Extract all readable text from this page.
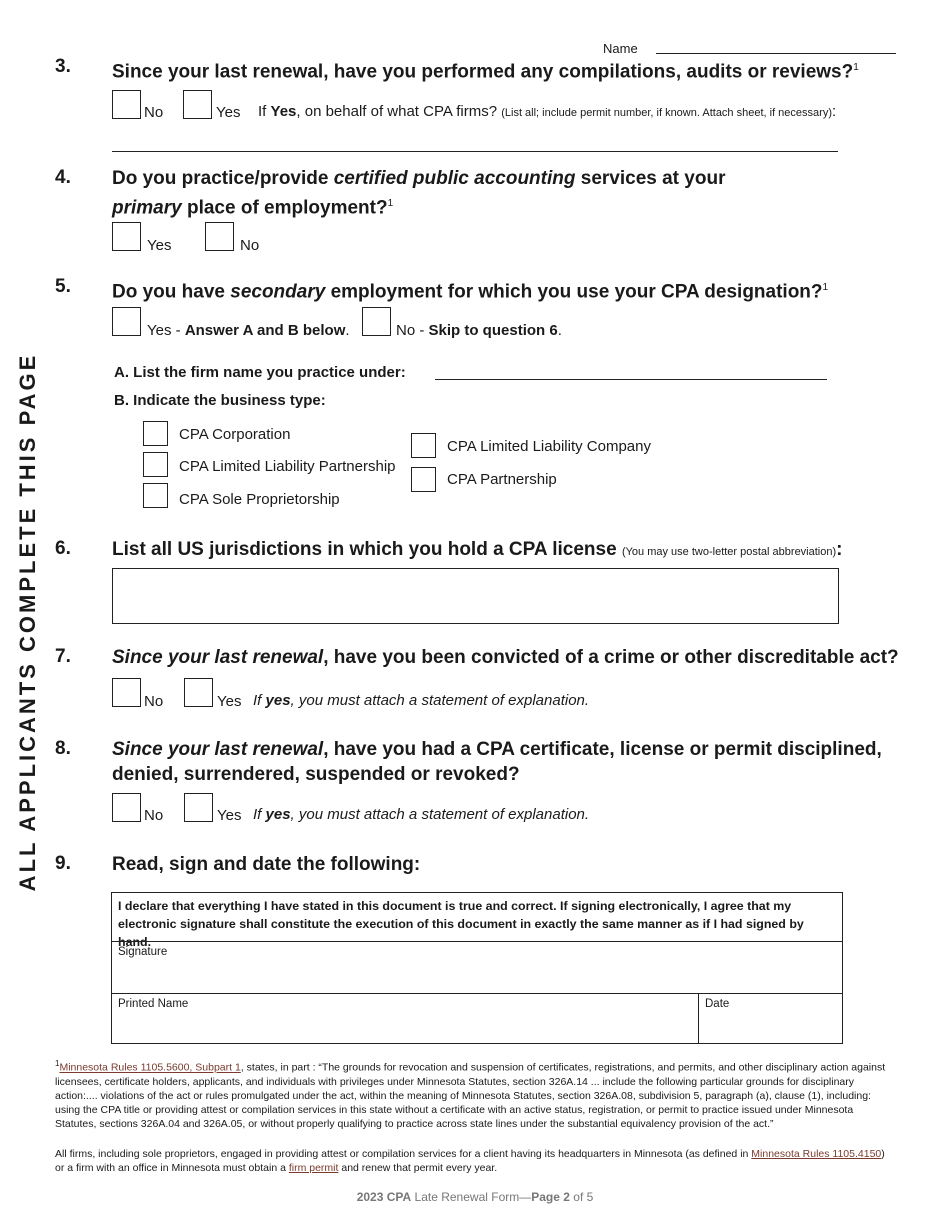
ALL APPLICANTS COMPLETE THIS PAGE
Name
3. Since your last renewal, have you performed any compilations, audits or reviews?$^1$
No	Yes If Yes, on behalf of what CPA firms? (List all; include permit number, if known. Attach sheet, if necessary):
4. Do you practice/provide certified public accounting services at your
primary place of employment?$^1$
Yes	No
5. Do you have secondary employment for which you use your CPA designation?$^1$
Yes - Answer A and B below.	No - Skip to question 6.
A. List the firm name you practice under:
B. Indicate the business type:
CPA Corporation
CPA Limited Liability Partnership
CPA Sole Proprietorship
CPA Limited Liability Company
CPA Partnership
6. List all US jurisdictions in which you hold a CPA license (You may use two-letter postal abbreviation):
7. Since your last renewal, have you been convicted of a crime or other discreditable act?
No	Yes If yes, you must attach a statement of explanation.
8. Since your last renewal, have you had a CPA certificate, license or permit disciplined,
denied, surrendered, suspended or revoked?
No	Yes If yes, you must attach a statement of explanation.
9. Read, sign and date the following:
I declare that everything I have stated in this document is true and correct. If signing electronically, I agree that my electronic signature shall constitute the execution of this document in exactly the same manner as if I had signed by hand.
Signature
Printed Name	Date
$^1$Minnesota Rules 1105.5600, Subpart 1, states, in part : “The grounds for revocation and suspension of certificates, registrations, and permits, and other disciplinary action against licensees, certificate holders, applicants, and individuals with privileges under Minnesota Statutes, section 326A.14 ... include the following particular grounds for disciplinary action:.... violations of the act or rules promulgated under the act, within the meaning of Minnesota Statutes, section 326A.08, subdivision 5, paragraph (a), clause (1), including: using the CPA title or providing attest or compilation services in this state without a certificate with an active status, registration, or permit to practice issued under Minnesota Statutes, sections 326A.04 and 326A.05, or without properly qualifying to practice across state lines under the substantial equivalency provision of the act.”
All firms, including sole proprietors, engaged in providing attest or compilation services for a client having its headquarters in Minnesota (as defined in Minnesota Rules 1105.4150) or a firm with an office in Minnesota must obtain a firm permit and renew that permit every year.
2023 CPA Late Renewal Form—Page 2 of 5
